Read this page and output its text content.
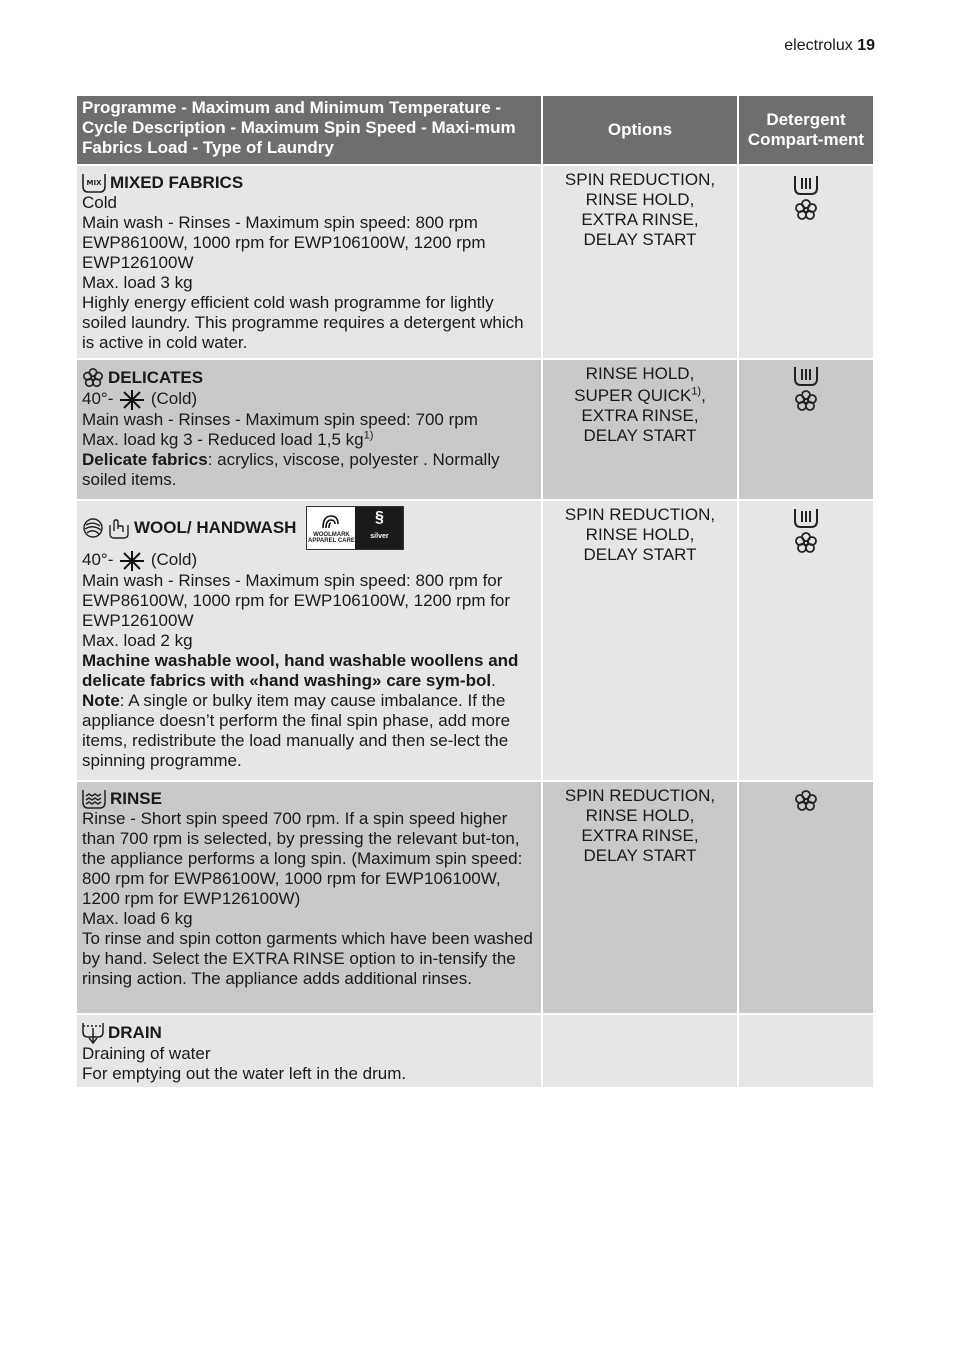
electrolux 19
Programme - Maximum and Minimum Temperature - Cycle Description - Maximum Spin Speed - Maxi-mum Fabrics Load - Type of Laundry
Options
Detergent Compart-ment
MIX MIXED FABRICS
Cold
Main wash - Rinses - Maximum spin speed: 800 rpm EWP86100W, 1000 rpm for EWP106100W, 1200 rpm EWP126100W
Max. load 3 kg
Highly energy efficient cold wash programme for lightly soiled laundry. This programme requires a detergent which is active in cold water.
SPIN REDUCTION,
RINSE HOLD,
EXTRA RINSE,
DELAY START
DELICATES
40°- (Cold)
Main wash - Rinses - Maximum spin speed: 700 rpm
Max. load kg 3 - Reduced load 1,5 $kg^{1)}$
Delicate fabrics: acrylics, viscose, polyester . Normally soiled items.
RINSE HOLD,
SUPER QUICK$^{1)}$,
EXTRA RINSE,
DELAY START
WOOL/ HANDWASH	WOOLMARK APPAREL CARE
§
silver
40°- (Cold)
Main wash - Rinses - Maximum spin speed: 800 rpm for EWP86100W, 1000 rpm for EWP106100W, 1200 rpm for EWP126100W
Max. load 2 kg
Machine washable wool, hand washable woollens and delicate fabrics with «hand washing» care sym-bol. Note: A single or bulky item may cause imbalance. If the appliance doesn’t perform the final spin phase, add more items, redistribute the load manually and then se-lect the spinning programme.
SPIN REDUCTION,
RINSE HOLD,
DELAY START
RINSE
Rinse - Short spin speed 700 rpm. If a spin speed higher than 700 rpm is selected, by pressing the relevant but-ton, the appliance performs a long spin. (Maximum spin speed: 800 rpm for EWP86100W, 1000 rpm for EWP106100W, 1200 rpm for EWP126100W)
Max. load 6 kg
To rinse and spin cotton garments which have been washed by hand. Select the EXTRA RINSE option to in-tensify the rinsing action. The appliance adds additional rinses.
SPIN REDUCTION,
RINSE HOLD,
EXTRA RINSE,
DELAY START
DRAIN
Draining of water
For emptying out the water left in the drum.
